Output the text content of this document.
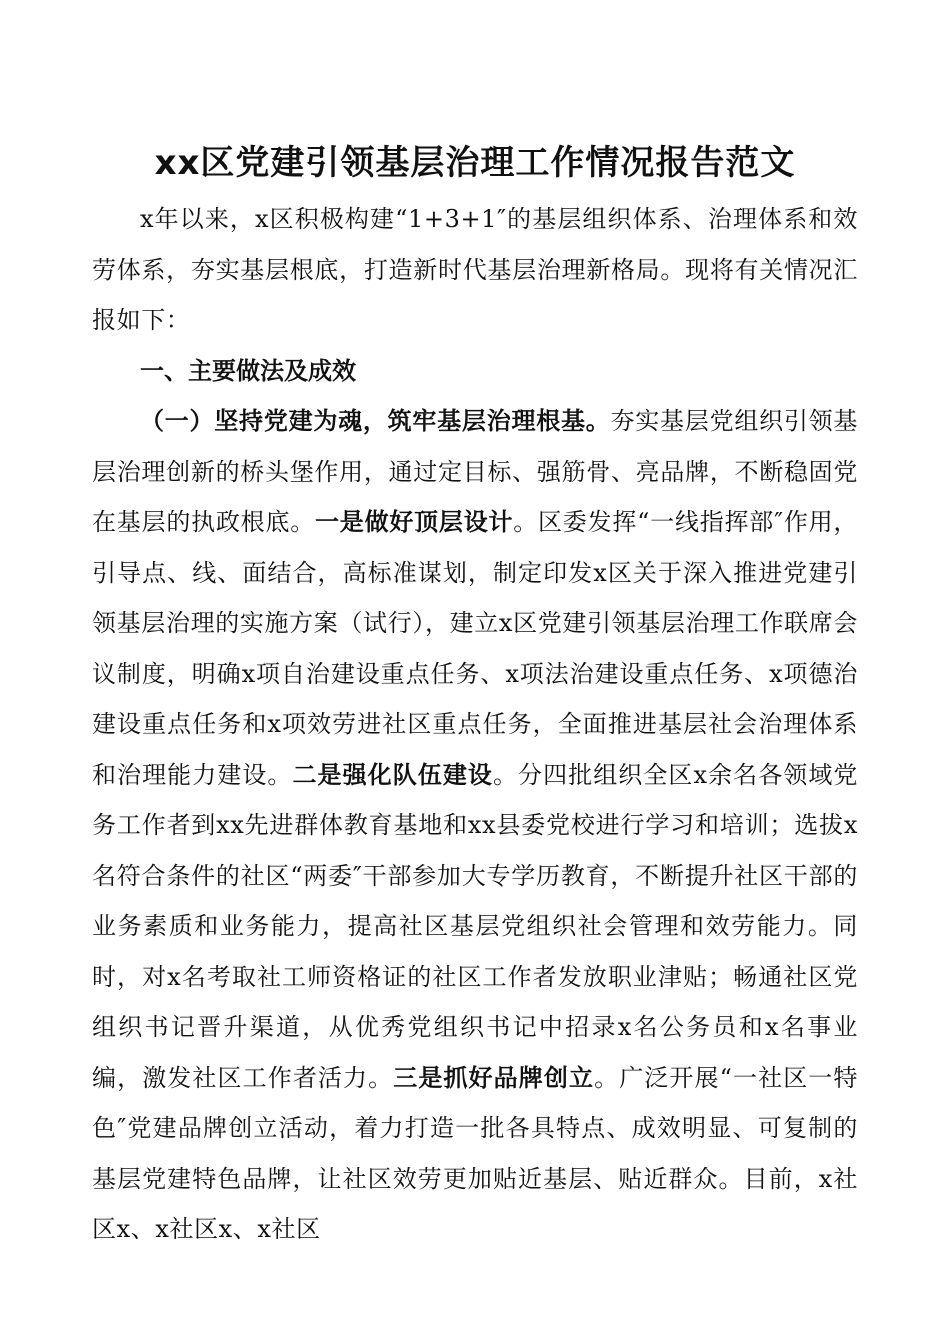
xx区党建引领基层治理工作情况报告范文

x年以来，x区积极构建“1+3+1″的基层组织体系、治理体系和效劳体系，夯实基层根底，打造新时代基层治理新格局。现将有关情况汇报如下：

一、主要做法及成效

（一）坚持党建为魂，筑牢基层治理根基。夯实基层党组织引领基层治理创新的桥头堡作用，通过定目标、强筋骨、亮品牌，不断稳固党在基层的执政根底。一是做好顶层设计。区委发挥“一线指挥部″作用，引导点、线、面结合，高标准谋划，制定印发x区关于深入推进党建引领基层治理的实施方案（试行），建立x区党建引领基层治理工作联席会议制度，明确x项自治建设重点任务、x项法治建设重点任务、x项德治建设重点任务和x项效劳进社区重点任务，全面推进基层社会治理体系和治理能力建设。二是强化队伍建设。分四批组织全区x余名各领域党务工作者到xx先进群体教育基地和xx县委党校进行学习和培训；选拔x名符合条件的社区“两委″干部参加大专学历教育，不断提升社区干部的业务素质和业务能力，提高社区基层党组织社会管理和效劳能力。同时，对x名考取社工师资格证的社区工作者发放职业津贴；畅通社区党组织书记晋升渠道，从优秀党组织书记中招录x名公务员和x名事业编，激发社区工作者活力。三是抓好品牌创立。广泛开展“一社区一特色″党建品牌创立活动，着力打造一批各具特点、成效明显、可复制的基层党建特色品牌，让社区效劳更加贴近基层、贴近群众。目前，x社区x、x社区x、x社区
